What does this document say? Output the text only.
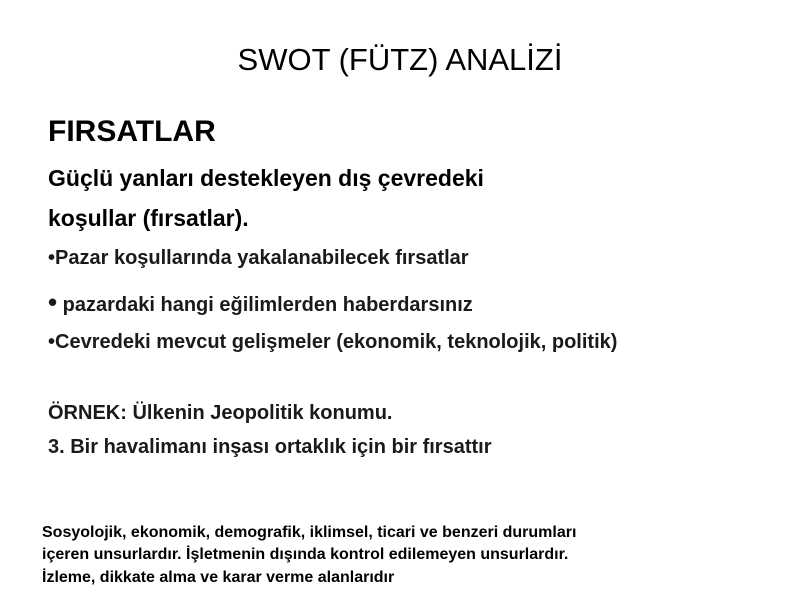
SWOT (FÜTZ) ANALİZİ
FIRSATLAR
Güçlü yanları destekleyen dış çevredeki
koşullar (fırsatlar).
•Pazar koşullarında yakalanabilecek fırsatlar
• pazardaki hangi eğilimlerden haberdarsınız
•Cevredeki mevcut gelişmeler (ekonomik, teknolojik, politik)
ÖRNEK: Ülkenin Jeopolitik konumu.
3. Bir havalimanı inşası ortaklık için bir fırsattır
Sosyolojik, ekonomik, demografik, iklimsel, ticari ve benzeri durumları
içeren unsurlardır. İşletmenin dışında kontrol edilemeyen unsurlardır.
İzleme, dikkate alma ve karar verme alanlarıdır
